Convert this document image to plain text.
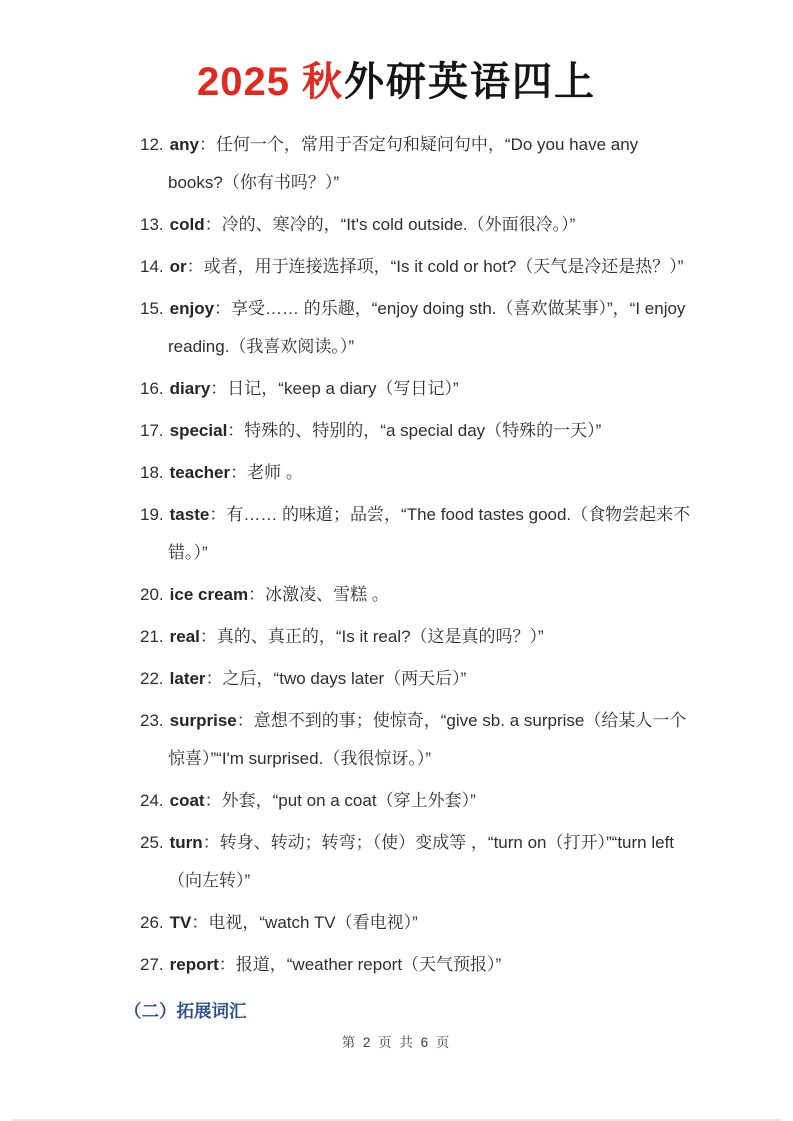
2025 秋外研英语四上

12. any：任何一个，常用于否定句和疑问句中，“Do you have any books?（你有书吗？）”

13. cold：冷的、寒冷的，“It's cold outside.（外面很冷。）”

14. or：或者，用于连接选择项，“Is it cold or hot?（天气是冷还是热？）”

15. enjoy：享受…… 的乐趣，“enjoy doing sth.（喜欢做某事）”，“I enjoy reading.（我喜欢阅读。）”

16. diary：日记，“keep a diary（写日记）”

17. special：特殊的、特别的，“a special day（特殊的一天）”

18. teacher：老师 。

19. taste：有…… 的味道；品尝，“The food tastes good.（食物尝起来不错。）”

20. ice cream：冰激凌、雪糕 。

21. real：真的、真正的，“Is it real?（这是真的吗？）”

22. later：之后，“two days later（两天后）”

23. surprise：意想不到的事；使惊奇，“give sb. a surprise（给某人一个惊喜）”“I'm surprised.（我很惊讶。）”

24. coat：外套，“put on a coat（穿上外套）”

25. turn：转身、转动；转弯；（使）变成等 ，“turn on（打开）”“turn left（向左转）”

26. TV：电视，“watch TV（看电视）”

27. report：报道，“weather report（天气预报）”

（二）拓展词汇
第 2 页 共 6 页
